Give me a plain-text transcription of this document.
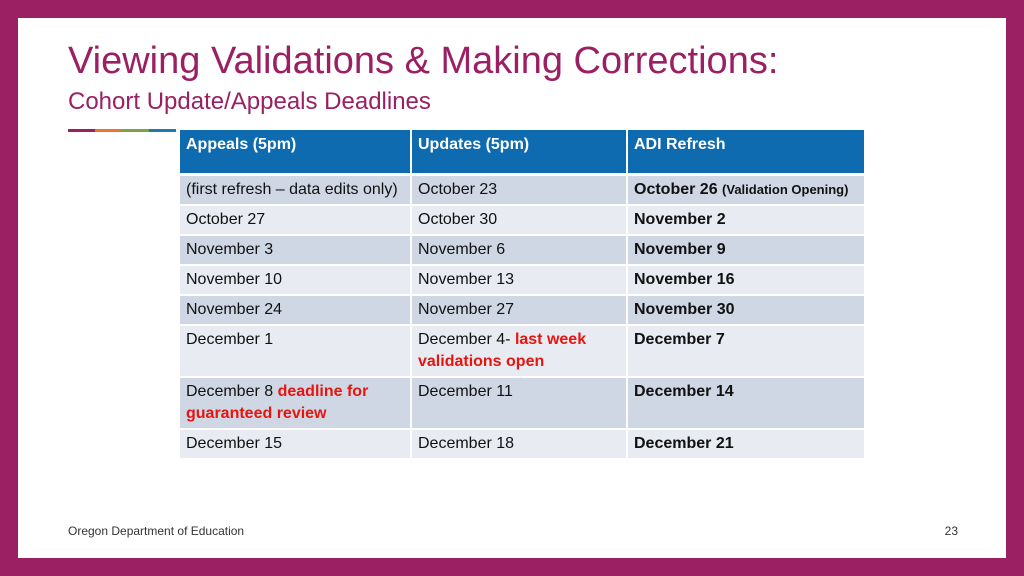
Viewing Validations & Making Corrections:
Cohort Update/Appeals Deadlines
Appeals (5pm)	Updates (5pm)	ADI Refresh
(first refresh – data edits only)	October 23	October 26 (Validation Opening)
October 27	October 30	November 2
November 3	November 6	November 9
November 10	November 13	November 16
November 24	November 27	November 30
December 1	December 4- last week validations open	December 7
December 8 deadline for guaranteed review	December 11	December 14
December 15	December 18	December 21
Oregon Department of Education	23
